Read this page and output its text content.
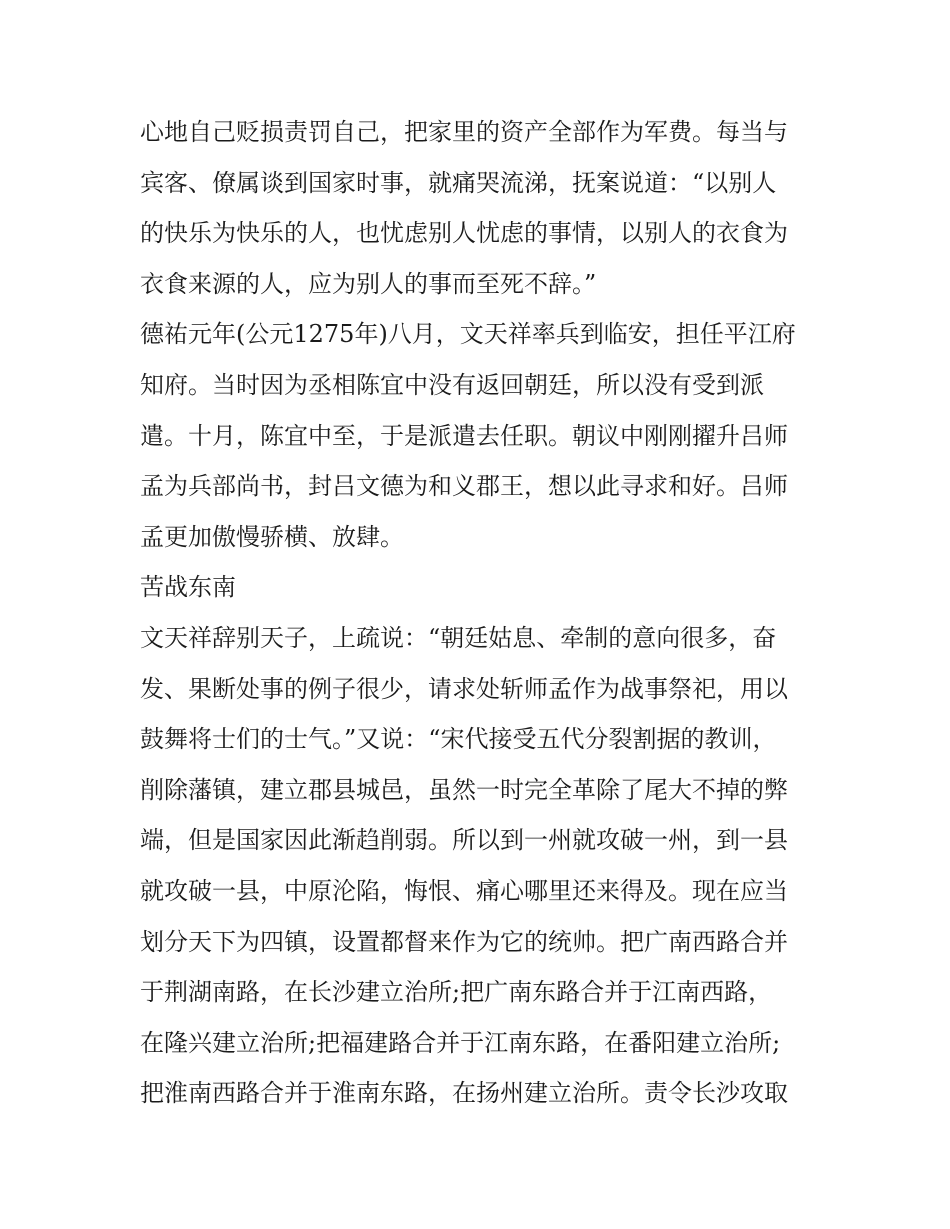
心地自己贬损责罚自己，把家里的资产全部作为军费。每当与
宾客、僚属谈到国家时事，就痛哭流涕，抚案说道：“以别人
的快乐为快乐的人，也忧虑别人忧虑的事情，以别人的衣食为
衣食来源的人，应为别人的事而至死不辞。”
德祐元年(公元1275年)八月，文天祥率兵到临安，担任平江府
知府。当时因为丞相陈宜中没有返回朝廷，所以没有受到派
遣。十月，陈宜中至，于是派遣去任职。朝议中刚刚擢升吕师
孟为兵部尚书，封吕文德为和义郡王，想以此寻求和好。吕师
孟更加傲慢骄横、放肆。
苦战东南
文天祥辞别天子，上疏说：“朝廷姑息、牵制的意向很多，奋
发、果断处事的例子很少，请求处斩师孟作为战事祭祀，用以
鼓舞将士们的士气。”又说：“宋代接受五代分裂割据的教训，
削除藩镇，建立郡县城邑，虽然一时完全革除了尾大不掉的弊
端，但是国家因此渐趋削弱。所以到一州就攻破一州，到一县
就攻破一县，中原沦陷，悔恨、痛心哪里还来得及。现在应当
划分天下为四镇，设置都督来作为它的统帅。把广南西路合并
于荆湖南路，在长沙建立治所;把广南东路合并于江南西路，
在隆兴建立治所;把福建路合并于江南东路，在番阳建立治所;
把淮南西路合并于淮南东路，在扬州建立治所。责令长沙攻取
